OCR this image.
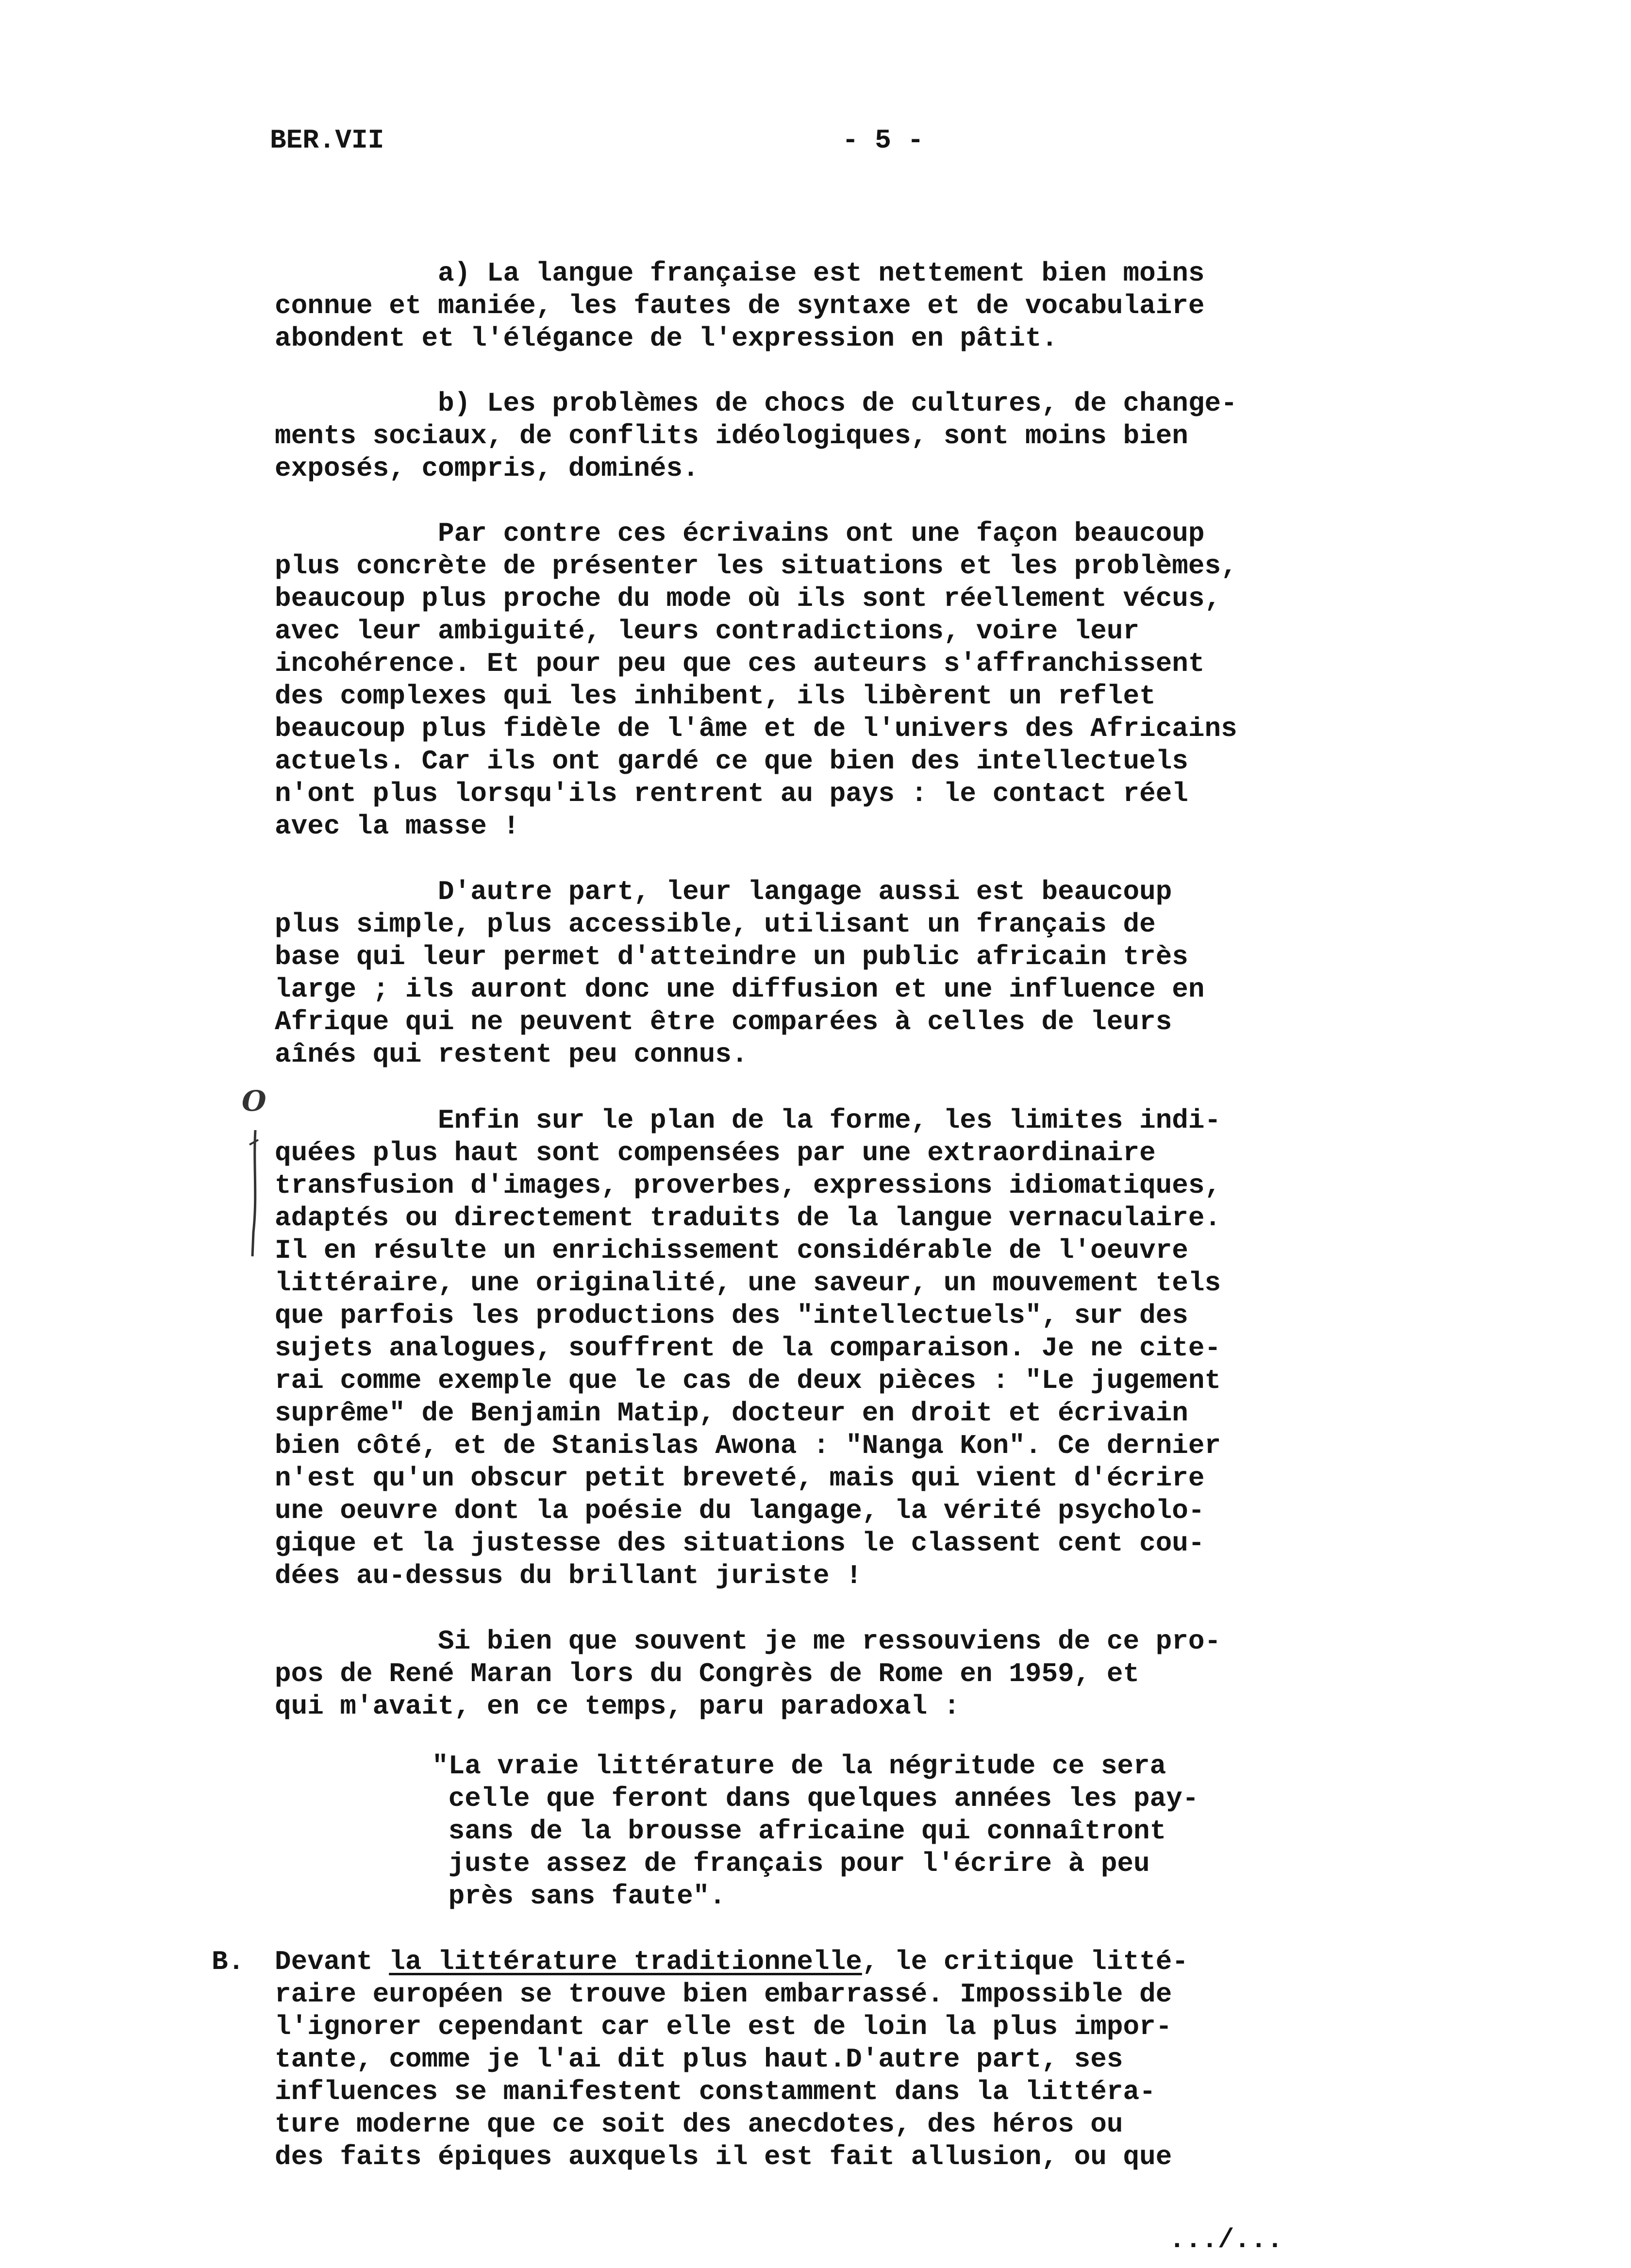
BER.VII	- 5 -
a) La langue française est nettement bien moins
connue et maniée, les fautes de syntaxe et de vocabulaire
abondent et l'élégance de l'expression en pâtit.
b) Les problèmes de chocs de cultures, de change-
ments sociaux, de conflits idéologiques, sont moins bien
exposés, compris, dominés.
Par contre ces écrivains ont une façon beaucoup
plus concrète de présenter les situations et les problèmes,
beaucoup plus proche du mode où ils sont réellement vécus,
avec leur ambiguité, leurs contradictions, voire leur
incohérence. Et pour peu que ces auteurs s'affranchissent
des complexes qui les inhibent, ils libèrent un reflet
beaucoup plus fidèle de l'âme et de l'univers des Africains
actuels. Car ils ont gardé ce que bien des intellectuels
n'ont plus lorsqu'ils rentrent au pays : le contact réel
avec la masse !
D'autre part, leur langage aussi est beaucoup
plus simple, plus accessible, utilisant un français de
base qui leur permet d'atteindre un public africain très
large ; ils auront donc une diffusion et une influence en
Afrique qui ne peuvent être comparées à celles de leurs
aînés qui restent peu connus.
O
Enfin sur le plan de la forme, les limites indi-
quées plus haut sont compensées par une extraordinaire
transfusion d'images, proverbes, expressions idiomatiques,
adaptés ou directement traduits de la langue vernaculaire.
Il en résulte un enrichissement considérable de l'oeuvre
littéraire, une originalité, une saveur, un mouvement tels
que parfois les productions des "intellectuels", sur des
sujets analogues, souffrent de la comparaison. Je ne cite-
rai comme exemple que le cas de deux pièces : "Le jugement
suprême" de Benjamin Matip, docteur en droit et écrivain
bien côté, et de Stanislas Awona : "Nanga Kon". Ce dernier
n'est qu'un obscur petit breveté, mais qui vient d'écrire
une oeuvre dont la poésie du langage, la vérité psycholo-
gique et la justesse des situations le classent cent cou-
dées au-dessus du brillant juriste !
Si bien que souvent je me ressouviens de ce pro-
pos de René Maran lors du Congrès de Rome en 1959, et
qui m'avait, en ce temps, paru paradoxal :
"La vraie littérature de la négritude ce sera
celle que feront dans quelques années les pay-
sans de la brousse africaine qui connaîtront
juste assez de français pour l'écrire à peu
près sans faute".
B. Devant la littérature traditionnelle, le critique litté-
raire européen se trouve bien embarrassé. Impossible de
l'ignorer cependant car elle est de loin la plus impor-
tante, comme je l'ai dit plus haut.D'autre part, ses
influences se manifestent constamment dans la littéra-
ture moderne que ce soit des anecdotes, des héros ou
des faits épiques auxquels il est fait allusion, ou que
.../...
